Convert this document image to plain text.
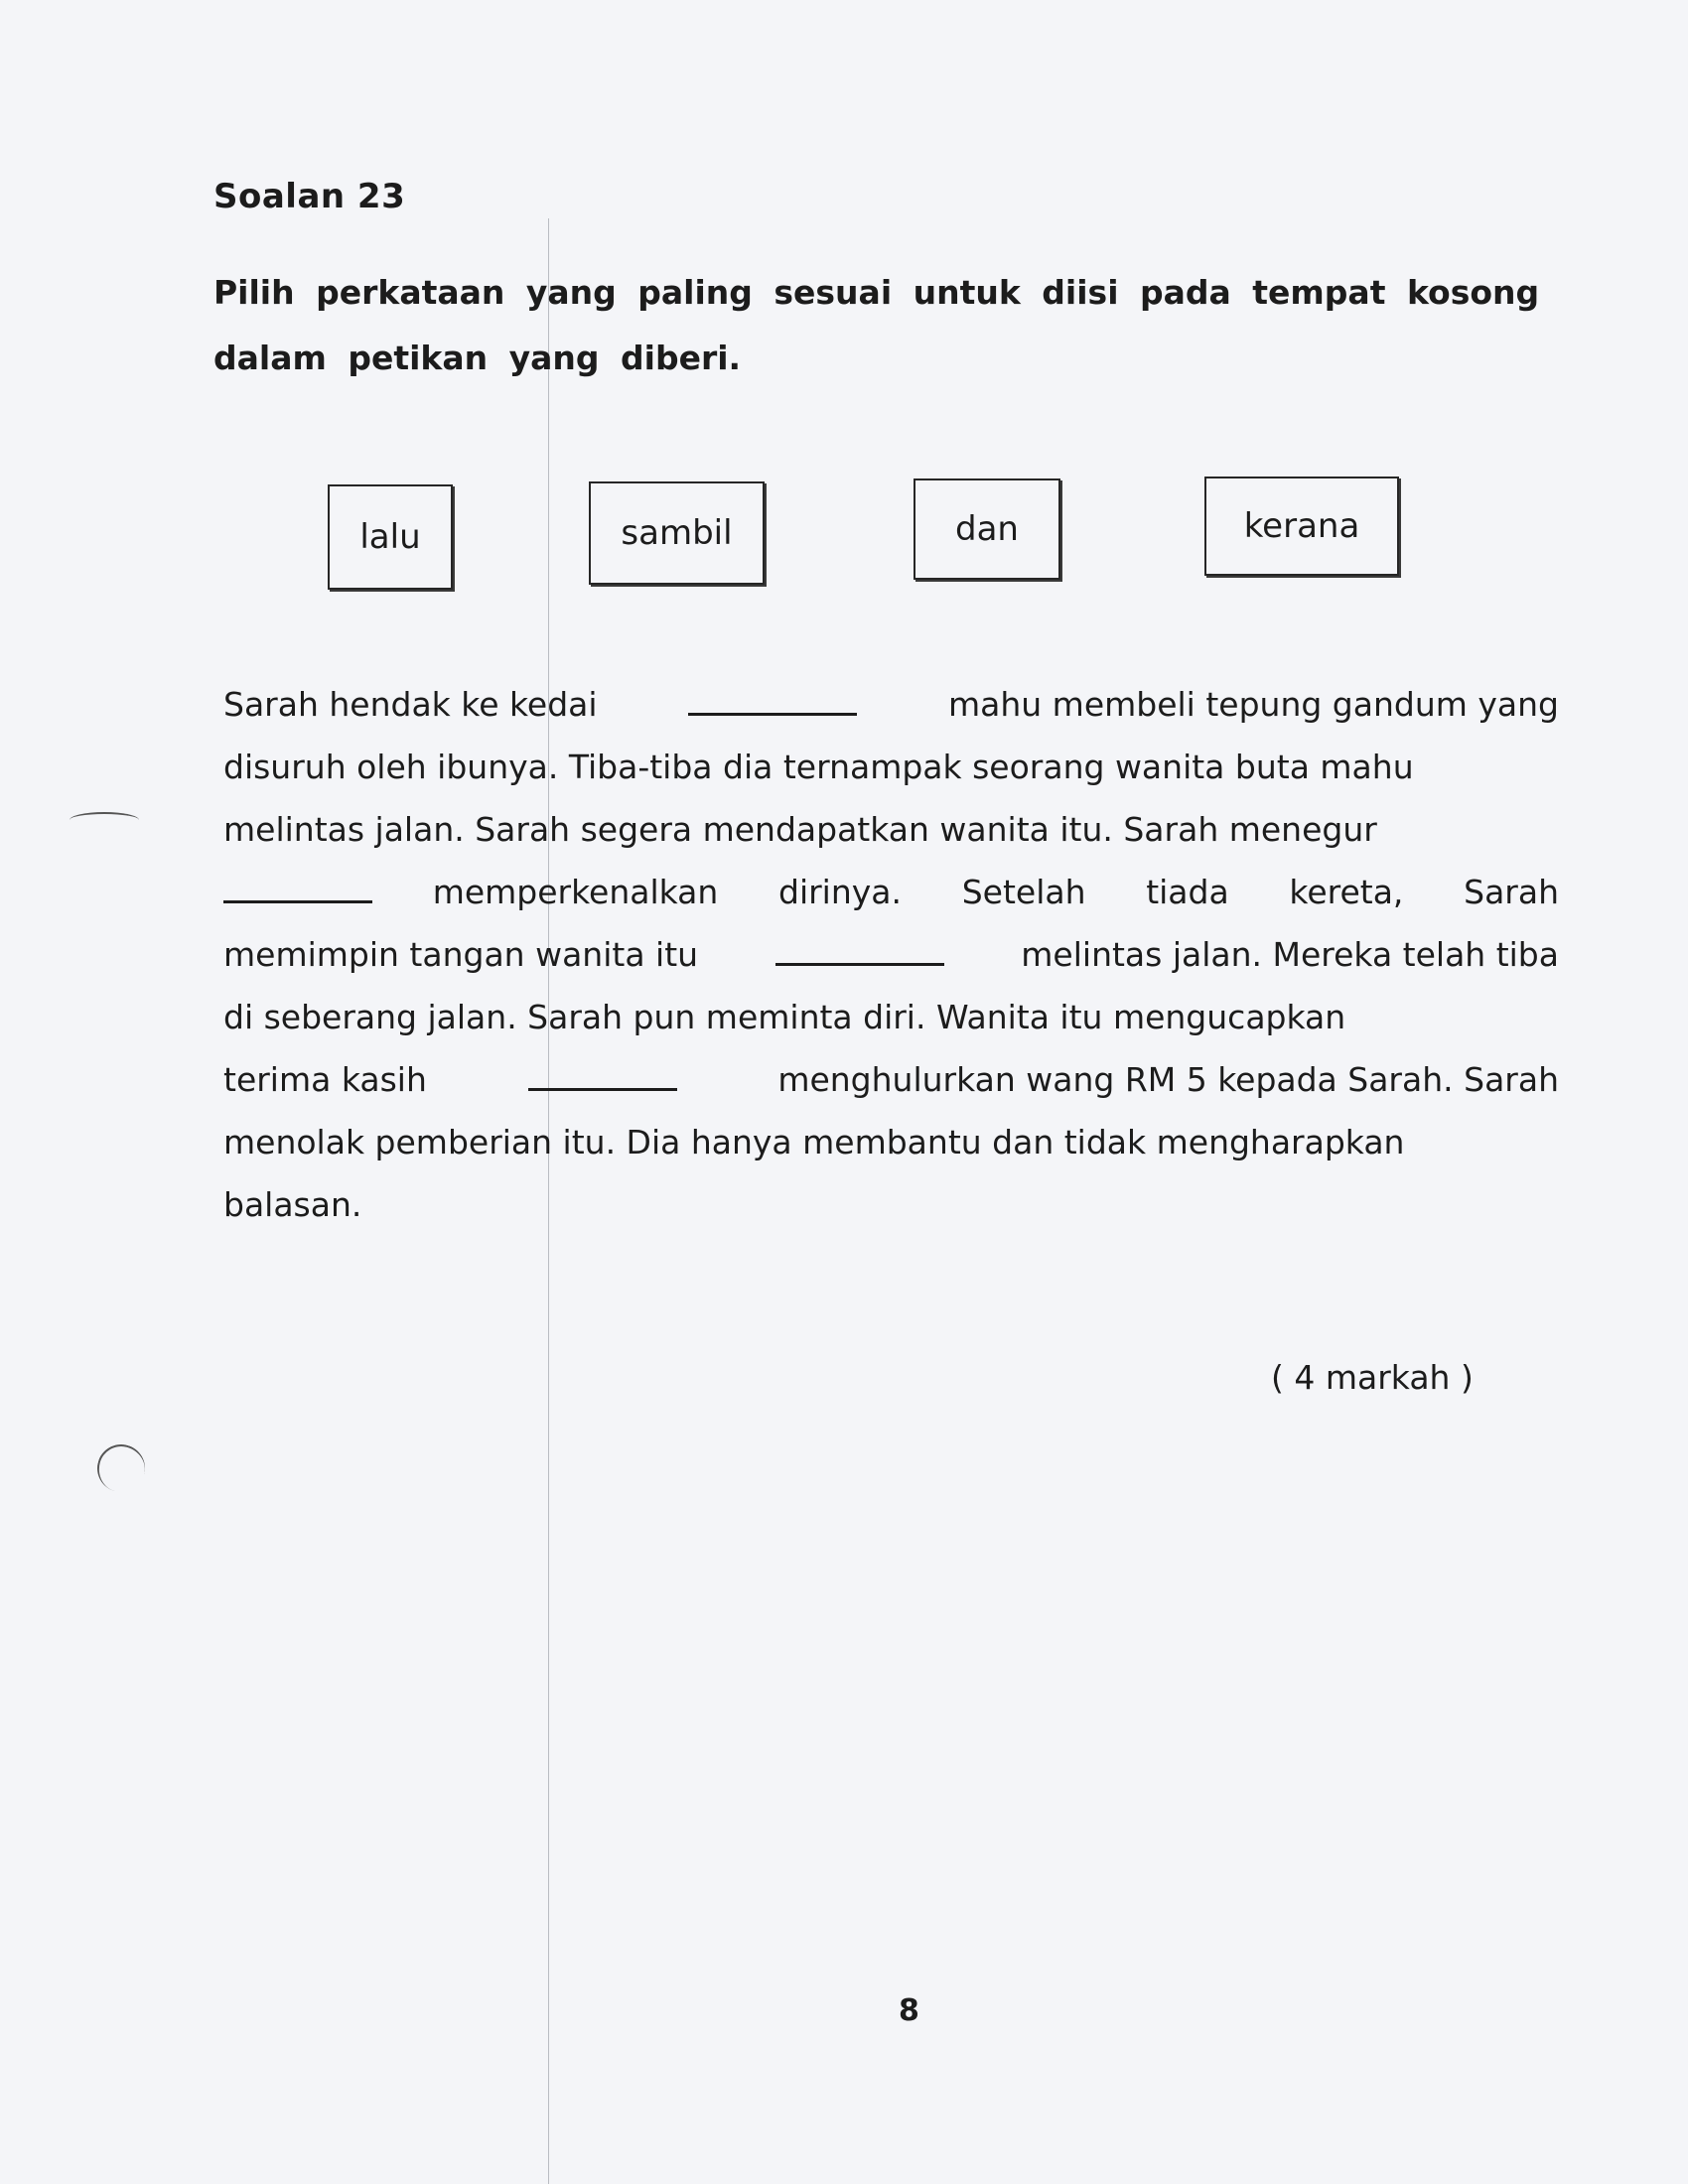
Soalan 23
Pilih perkataan yang paling sesuai untuk diisi pada tempat kosong
dalam petikan yang diberi.
lalu	sambil	dan	kerana
Sarah hendak ke kedai	mahu membeli tepung gandum yang
disuruh oleh ibunya. Tiba-tiba dia ternampak seorang wanita buta mahu
melintas jalan. Sarah segera mendapatkan wanita itu. Sarah menegur
memperkenalkan dirinya. Setelah tiada kereta, Sarah
memimpin tangan wanita itu	melintas jalan. Mereka telah tiba
di seberang jalan. Sarah pun meminta diri. Wanita itu mengucapkan
terima kasih	menghulurkan wang RM 5 kepada Sarah. Sarah
menolak pemberian itu. Dia hanya membantu dan tidak mengharapkan
balasan.
( 4 markah )
8
